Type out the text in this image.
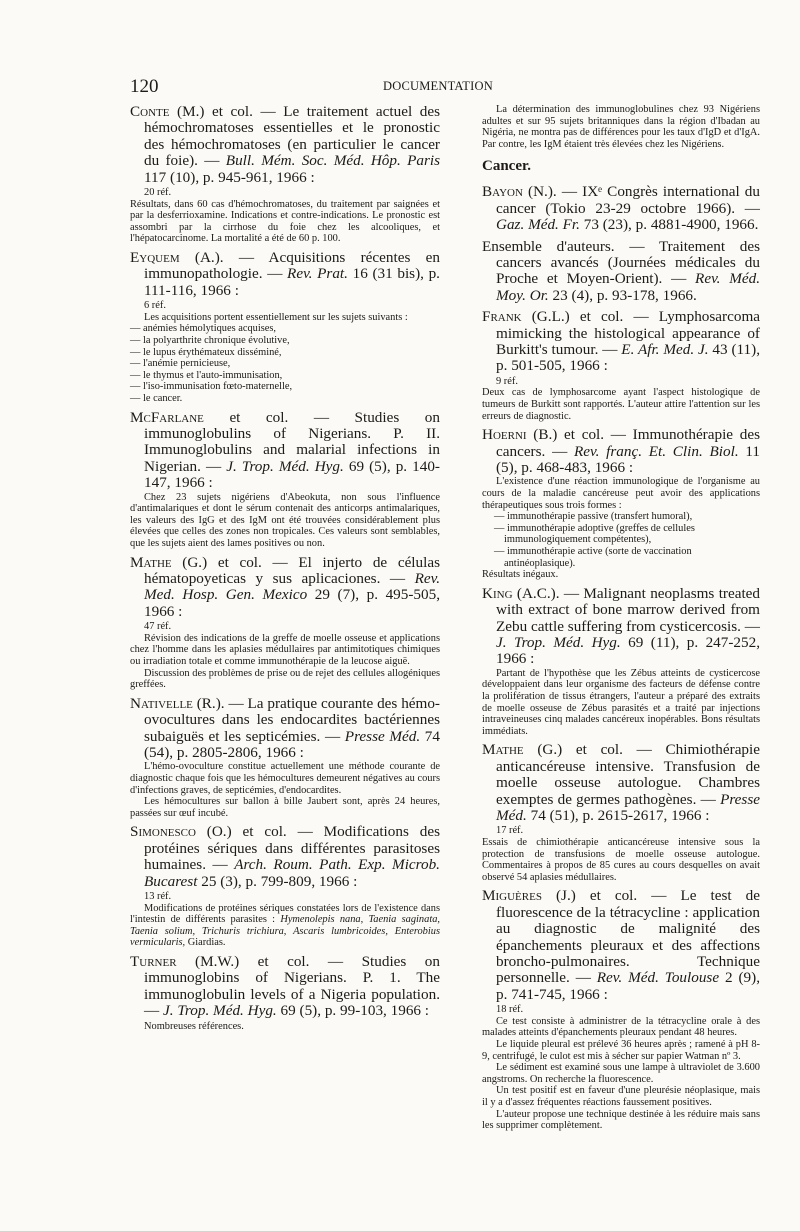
120	DOCUMENTATION

Conte (M.) et col. — Le traitement actuel des hémochromatoses essentielles et le pronostic des hémochromatoses (en particulier le cancer du foie). — Bull. Mém. Soc. Méd. Hôp. Paris 117 (10), p. 945-961, 1966 :

20 réf.

Résultats, dans 60 cas d'hémochromatoses, du traitement par saignées et par la desferrioxamine. Indications et contre-indications. Le pronostic est assombri par la cirrhose du foie chez les alcooliques, et l'hépatocarcinome. La mortalité a été de 60 p. 100.

Eyquem (A.). — Acquisitions récentes en immunopathologie. — Rev. Prat. 16 (31 bis), p. 111-116, 1966 :

6 réf.

Les acquisitions portent essentiellement sur les sujets suivants :

— anémies hémolytiques acquises,
— la polyarthrite chronique évolutive,
— le lupus érythémateux disséminé,
— l'anémie pernicieuse,
— le thymus et l'auto-immunisation,
— l'iso-immunisation fœto-maternelle,
— le cancer.

McFarlane et col. — Studies on immunoglobulins of Nigerians. P. II. Immunoglobulins and malarial infections in Nigerian. — J. Trop. Méd. Hyg. 69 (5), p. 140-147, 1966 :

Chez 23 sujets nigériens d'Abeokuta, non sous l'influence d'antimalariques et dont le sérum contenait des anticorps antimalariques, les valeurs des IgG et des IgM ont été trouvées considérablement plus élevées que celles des zones non tropicales. Ces valeurs sont semblables, que les sujets aient des lames positives ou non.

Mathe (G.) et col. — El injerto de células hématopoyeticas y sus aplicaciones. — Rev. Med. Hosp. Gen. Mexico 29 (7), p. 495-505, 1966 :

47 réf.

Révision des indications de la greffe de moelle osseuse et applications chez l'homme dans les aplasies médullaires par antimitotiques chimiques ou irradiation totale et comme immunothérapie de la leucose aiguë.

Discussion des problèmes de prise ou de rejet des cellules allogéniques greffées.

Nativelle (R.). — La pratique courante des hémo-ovocultures dans les endocardites bactériennes subaiguës et les septicémies. — Presse Méd. 74 (54), p. 2805-2806, 1966 :

L'hémo-ovoculture constitue actuellement une méthode courante de diagnostic chaque fois que les hémocultures demeurent négatives au cours d'infections graves, de septicémies, d'endocardites.

Les hémocultures sur ballon à bille Jaubert sont, après 24 heures, passées sur œuf incubé.

Simonesco (O.) et col. — Modifications des protéines sériques dans différentes parasitoses humaines. — Arch. Roum. Path. Exp. Microb. Bucarest 25 (3), p. 799-809, 1966 :

13 réf.

Modifications de protéines sériques constatées lors de l'existence dans l'intestin de différents parasites : Hymenolepis nana, Taenia saginata, Taenia solium, Trichuris trichiura, Ascaris lumbricoides, Enterobius vermicularis, Giardias.

Turner (M.W.) et col. — Studies on immunoglobins of Nigerians. P. 1. The immunoglobulin levels of a Nigeria population. — J. Trop. Méd. Hyg. 69 (5), p. 99-103, 1966 :

Nombreuses références.

La détermination des immunoglobulines chez 93 Nigériens adultes et sur 95 sujets britanniques dans la région d'Ibadan au Nigéria, ne montra pas de différences pour les taux d'IgD et d'IgA. Par contre, les IgM étaient très élevées chez les Nigériens.

Cancer.

Bayon (N.). — IXᵉ Congrès international du cancer (Tokio 23-29 octobre 1966). — Gaz. Méd. Fr. 73 (23), p. 4881-4900, 1966.

Ensemble d'auteurs. — Traitement des cancers avancés (Journées médicales du Proche et Moyen-Orient). — Rev. Méd. Moy. Or. 23 (4), p. 93-178, 1966.

Frank (G.L.) et col. — Lymphosarcoma mimicking the histological appearance of Burkitt's tumour. — E. Afr. Med. J. 43 (11), p. 501-505, 1966 :

9 réf.

Deux cas de lymphosarcome ayant l'aspect histologique de tumeurs de Burkitt sont rapportés. L'auteur attire l'attention sur les erreurs de diagnostic.

Hoerni (B.) et col. — Immunothérapie des cancers. — Rev. franç. Et. Clin. Biol. 11 (5), p. 468-483, 1966 :

L'existence d'une réaction immunologique de l'organisme au cours de la maladie cancéreuse peut avoir des applications thérapeutiques sous trois formes :

— immunothérapie passive (transfert humoral),
— immunothérapie adoptive (greffes de cellules immunologiquement compétentes),
— immunothérapie active (sorte de vaccination antinéoplasique).

Résultats inégaux.

King (A.C.). — Malignant neoplasms treated with extract of bone marrow derived from Zebu cattle suffering from cysticercosis. — J. Trop. Méd. Hyg. 69 (11), p. 247-252, 1966 :

Partant de l'hypothèse que les Zébus atteints de cysticercose développaient dans leur organisme des facteurs de défense contre la prolifération de tissus étrangers, l'auteur a préparé des extraits de moelle osseuse de Zébus parasités et a traité par injections intraveineuses cinq malades cancéreux inopérables. Bons résultats immédiats.

Mathe (G.) et col. — Chimiothérapie anticancéreuse intensive. Transfusion de moelle osseuse autologue. Chambres exemptes de germes pathogènes. — Presse Méd. 74 (51), p. 2615-2617, 1966 :

17 réf.

Essais de chimiothérapie anticancéreuse intensive sous la protection de transfusions de moelle osseuse autologue. Commentaires à propos de 85 cures au cours desquelles on avait observé 54 aplasies médullaires.

Miguères (J.) et col. — Le test de fluorescence de la tétracycline : application au diagnostic de malignité des épanchements pleuraux et des affections broncho-pulmonaires. Technique personnelle. — Rev. Méd. Toulouse 2 (9), p. 741-745, 1966 :

18 réf.

Ce test consiste à administrer de la tétracycline orale à des malades atteints d'épanchements pleuraux pendant 48 heures.

Le liquide pleural est prélevé 36 heures après ; ramené à pH 8-9, centrifugé, le culot est mis à sécher sur papier Watman nº 3.

Le sédiment est examiné sous une lampe à ultraviolet de 3.600 angstroms. On recherche la fluorescence.

Un test positif est en faveur d'une pleurésie néoplasique, mais il y a d'assez fréquentes réactions faussement positives.

L'auteur propose une technique destinée à les réduire mais sans les supprimer complètement.
